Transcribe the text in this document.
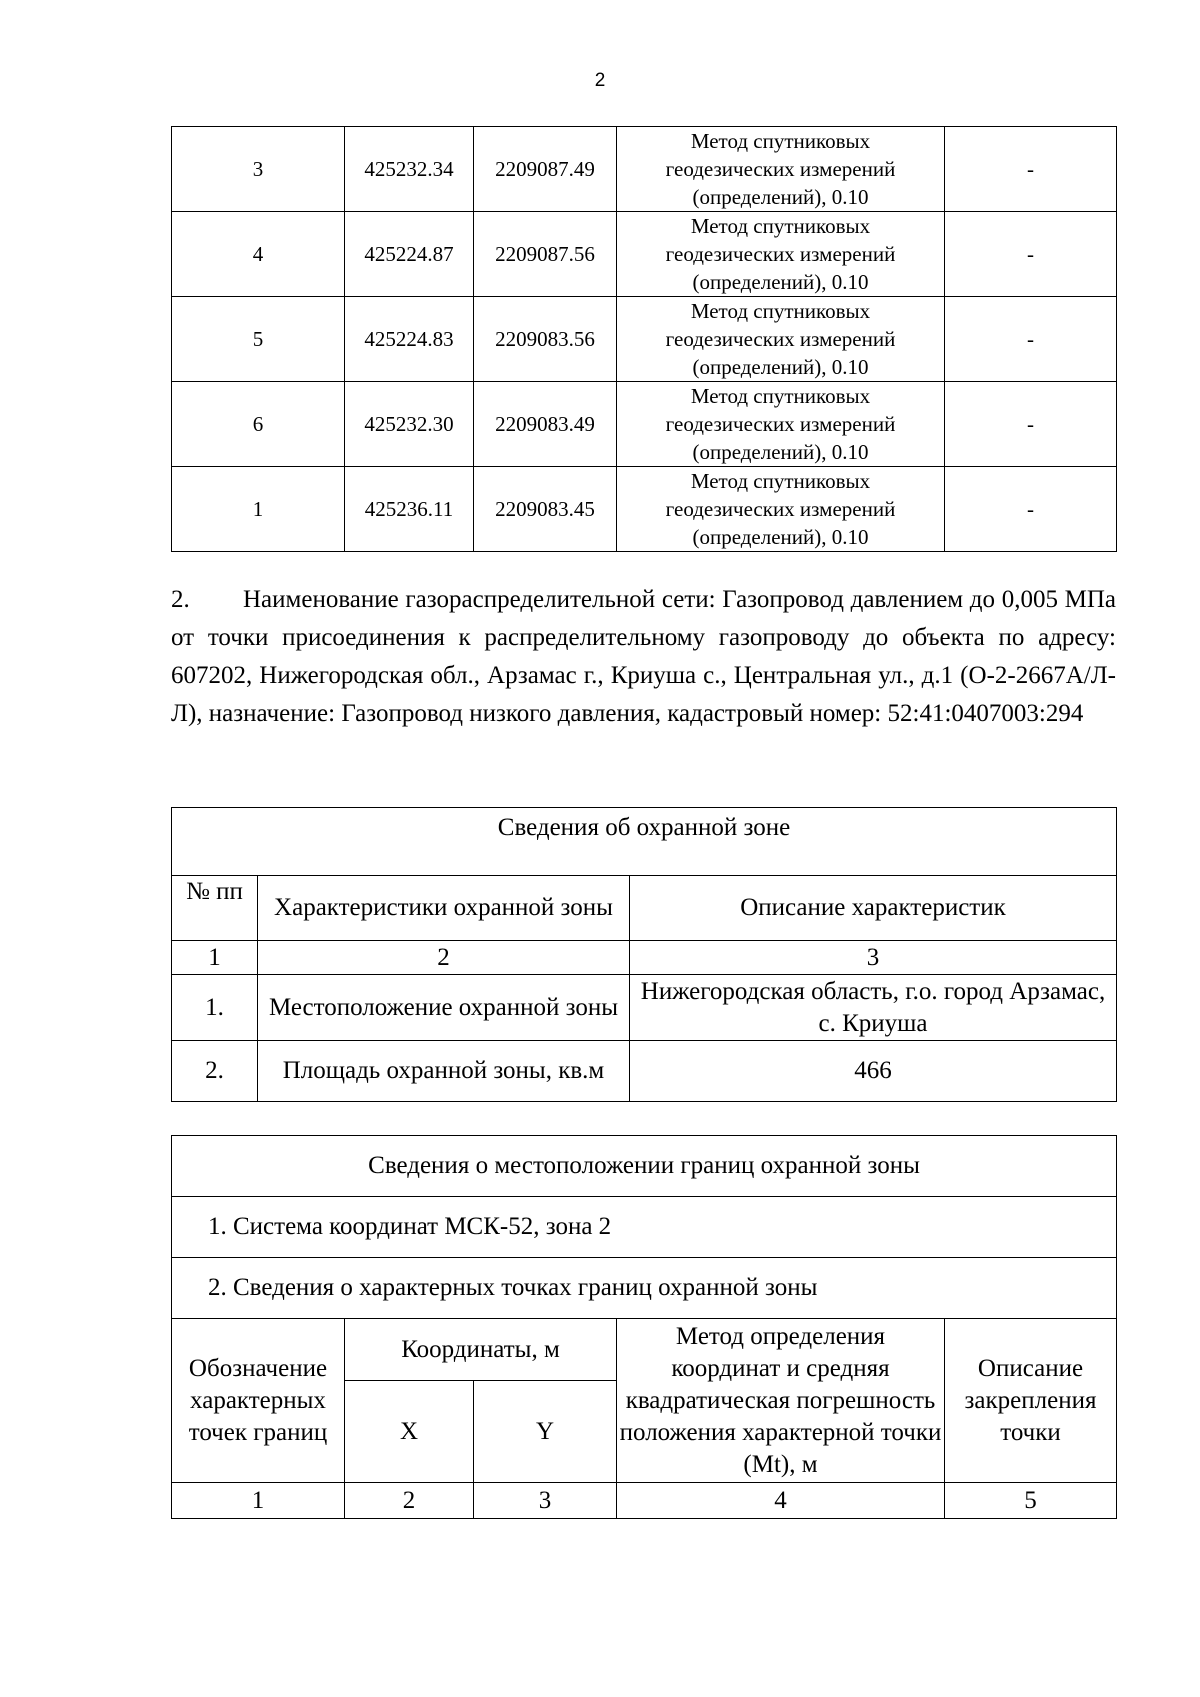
2
3	425232.34	2209087.49	Метод спутниковых
геодезических измерений
(определений), 0.10	-
4	425224.87	2209087.56	Метод спутниковых
геодезических измерений
(определений), 0.10	-
5	425224.83	2209083.56	Метод спутниковых
геодезических измерений
(определений), 0.10	-
6	425232.30	2209083.49	Метод спутниковых
геодезических измерений
(определений), 0.10	-
1	425236.11	2209083.45	Метод спутниковых
геодезических измерений
(определений), 0.10	-
2. Наименование газораспределительной сети: Газопровод давлением до 0,005 МПа от точки присоединения к распределительному газопроводу до объекта по адресу: 607202, Нижегородская обл., Арзамас г., Криуша с., Центральная ул., д.1 (О-2-2667А/Л-Л), назначение: Газопровод низкого давления, кадастровый номер: 52:41:0407003:294
Сведения об охранной зоне		
№ пп	Характеристики охранной зоны	Описание характеристик
1	2	3
1.	Местоположение охранной зоны	Нижегородская область, г.о. город Арзамас, с. Криуша
2.	Площадь охранной зоны, кв.м	466
Сведения о местоположении границ охранной зоны				
1. Система координат МСК-52, зона 2				
2. Сведения о характерных точках границ охранной зоны				
Обозначение характерных точек границ	Координаты, м		Метод определения координат и средняя квадратическая погрешность положения характерной точки (Mt), м	Описание закрепления точки
	X	Y		
1	2	3	4	5
